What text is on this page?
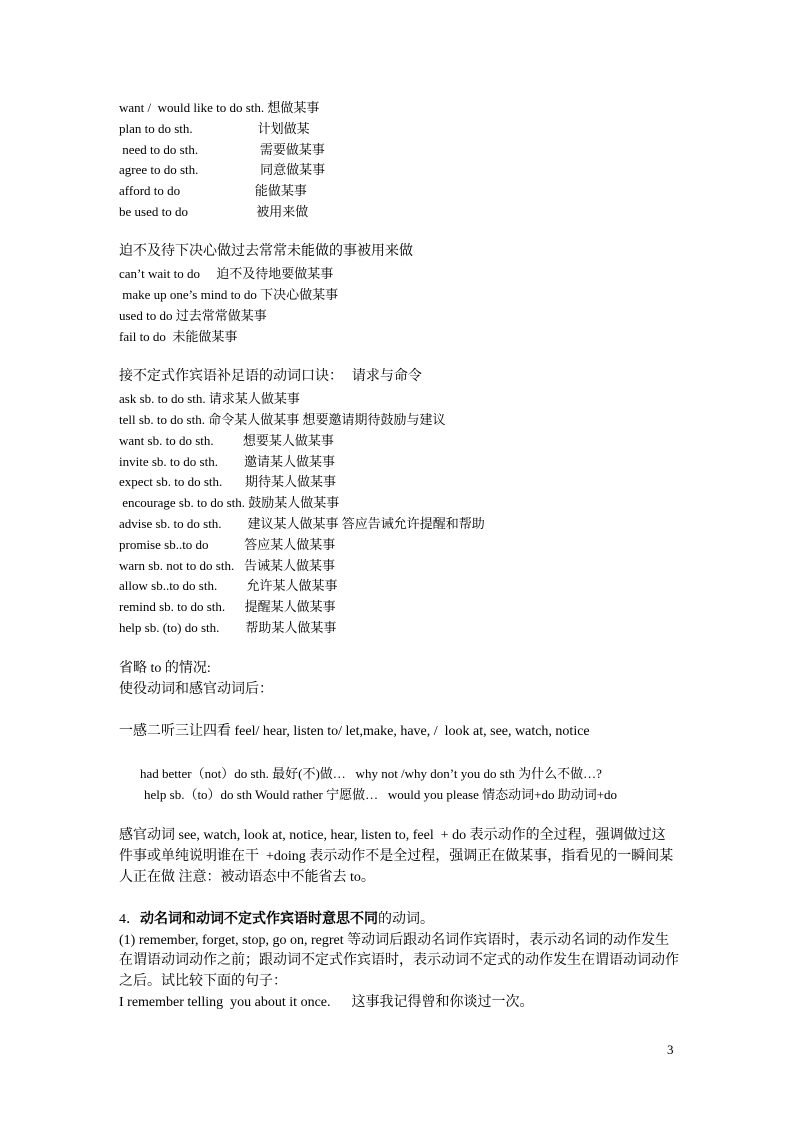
want /  would like to do sth. 想做某事
plan to do sth.                    计划做某
need to do sth.                   需要做某事
agree to do sth.                   同意做某事
afford to do                       能做某事
be used to do                     被用来做
迫不及待下决心做过去常常未能做的事被用来做
can’t wait to do     迫不及待地要做某事
make up one’s mind to do 下决心做某事
used to do 过去常常做某事
fail to do  未能做某事
接不定式作宾语补足语的动词口诀：  请求与命令
ask sb. to do sth. 请求某人做某事
tell sb. to do sth. 命令某人做某事 想要邀请期待鼓励与建议
want sb. to do sth.         想要某人做某事
invite sb. to do sth.        邀请某人做某事
expect sb. to do sth.       期待某人做某事
encourage sb. to do sth. 鼓励某人做某事
advise sb. to do sth.        建议某人做某事 答应告诫允许提醒和帮助
promise sb..to do           答应某人做某事
warn sb. not to do sth.   告诫某人做某事
allow sb..to do sth.         允许某人做某事
remind sb. to do sth.      提醒某人做某事
help sb. (to) do sth.        帮助某人做某事
省略 to 的情况:
使役动词和感官动词后：
一感二听三让四看 feel/ hear, listen to/ let,make, have, /  look at, see, watch, notice
had better（not）do sth. 最好(不)做…   why not /why don’t you do sth 为什么不做…?
help sb.（to）do sth Would rather 宁愿做…   would you please 情态动词+do 助动词+do
感官动词 see, watch, look at, notice, hear, listen to, feel  + do 表示动作的全过程，强调做过这
件事或单纯说明谁在干  +doing 表示动作不是全过程，强调正在做某事，指看见的一瞬间某
人正在做 注意：被动语态中不能省去 to。
4．动名词和动词不定式作宾语时意思不同的动词。
(1) remember, forget, stop, go on, regret 等动词后跟动名词作宾语时，表示动名词的动作发生
在谓语动词动作之前；跟动词不定式作宾语时，表示动词不定式的动作发生在谓语动词动作
之后。试比较下面的句子：
I remember telling  you about it once.      这事我记得曾和你谈过一次。
3
